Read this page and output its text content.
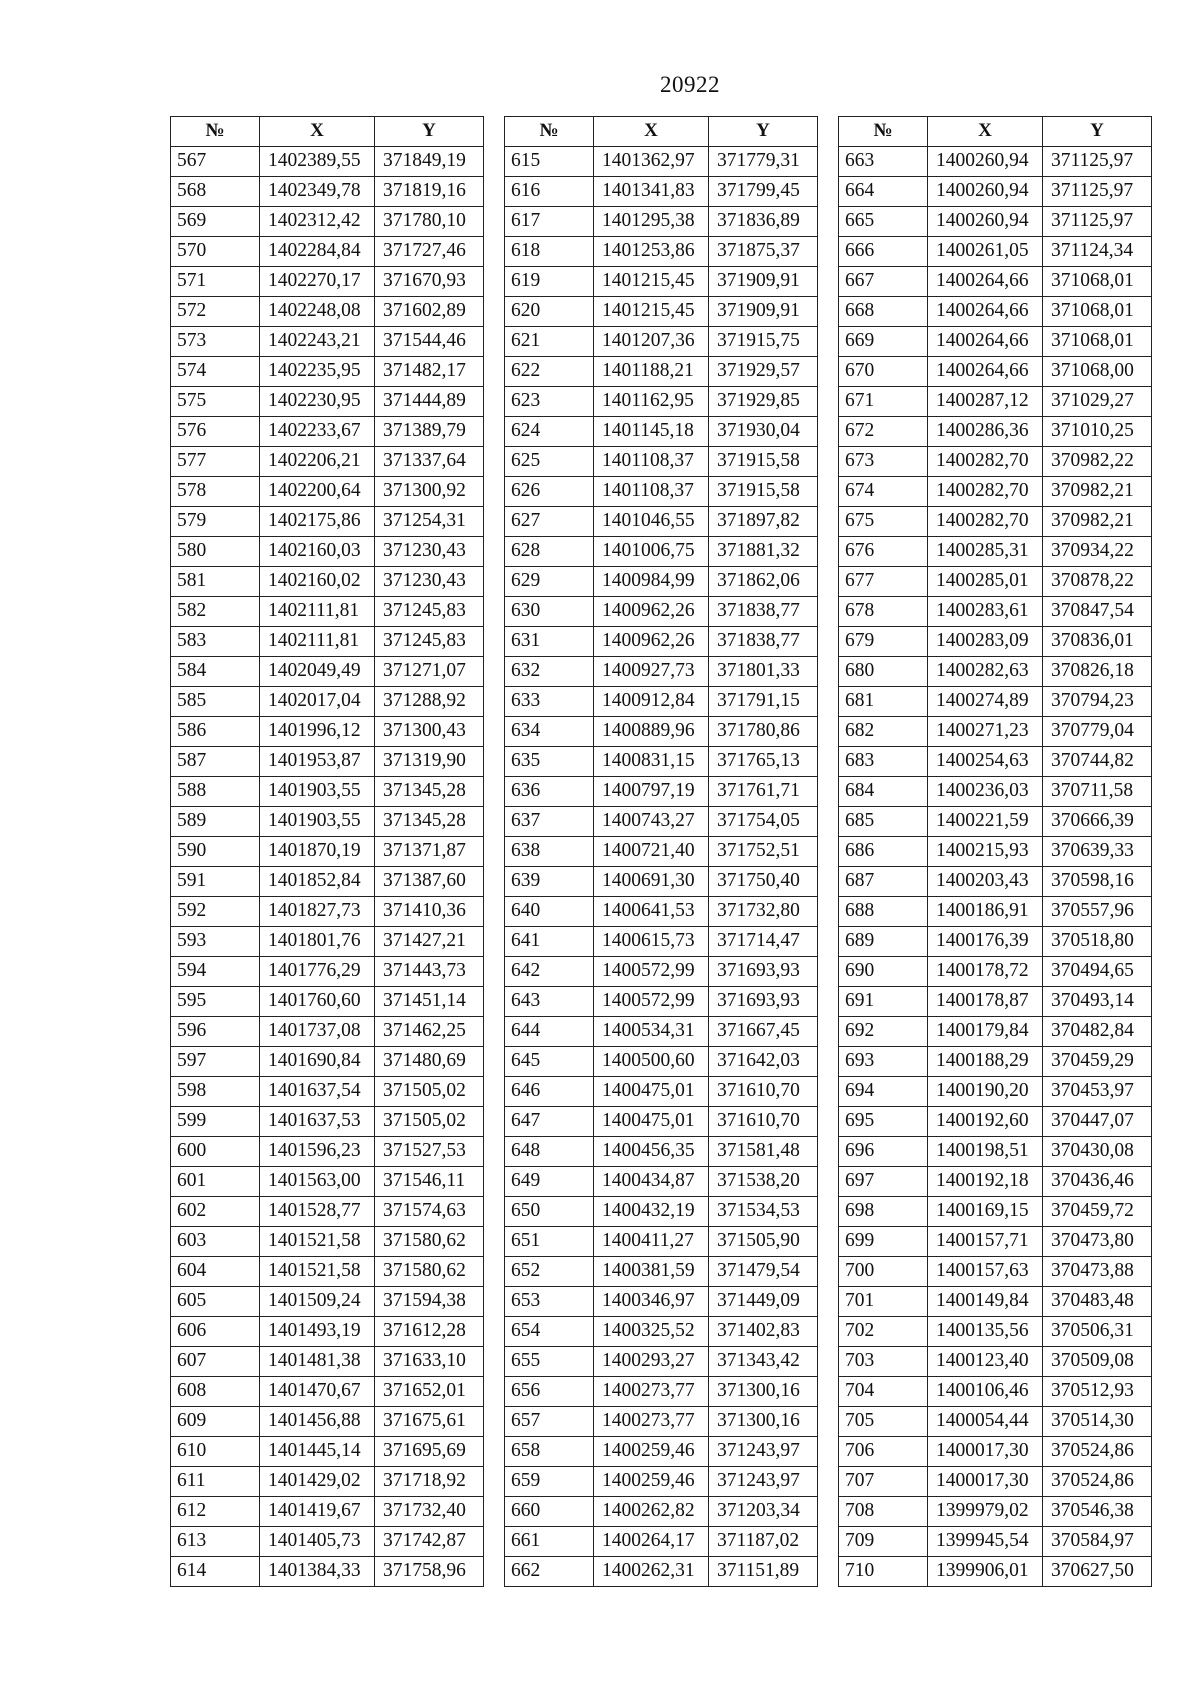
20922
№	X	Y
567	1402389,55	371849,19
568	1402349,78	371819,16
569	1402312,42	371780,10
570	1402284,84	371727,46
571	1402270,17	371670,93
572	1402248,08	371602,89
573	1402243,21	371544,46
574	1402235,95	371482,17
575	1402230,95	371444,89
576	1402233,67	371389,79
577	1402206,21	371337,64
578	1402200,64	371300,92
579	1402175,86	371254,31
580	1402160,03	371230,43
581	1402160,02	371230,43
582	1402111,81	371245,83
583	1402111,81	371245,83
584	1402049,49	371271,07
585	1402017,04	371288,92
586	1401996,12	371300,43
587	1401953,87	371319,90
588	1401903,55	371345,28
589	1401903,55	371345,28
590	1401870,19	371371,87
591	1401852,84	371387,60
592	1401827,73	371410,36
593	1401801,76	371427,21
594	1401776,29	371443,73
595	1401760,60	371451,14
596	1401737,08	371462,25
597	1401690,84	371480,69
598	1401637,54	371505,02
599	1401637,53	371505,02
600	1401596,23	371527,53
601	1401563,00	371546,11
602	1401528,77	371574,63
603	1401521,58	371580,62
604	1401521,58	371580,62
605	1401509,24	371594,38
606	1401493,19	371612,28
607	1401481,38	371633,10
608	1401470,67	371652,01
609	1401456,88	371675,61
610	1401445,14	371695,69
611	1401429,02	371718,92
612	1401419,67	371732,40
613	1401405,73	371742,87
614	1401384,33	371758,96
№	X	Y
615	1401362,97	371779,31
616	1401341,83	371799,45
617	1401295,38	371836,89
618	1401253,86	371875,37
619	1401215,45	371909,91
620	1401215,45	371909,91
621	1401207,36	371915,75
622	1401188,21	371929,57
623	1401162,95	371929,85
624	1401145,18	371930,04
625	1401108,37	371915,58
626	1401108,37	371915,58
627	1401046,55	371897,82
628	1401006,75	371881,32
629	1400984,99	371862,06
630	1400962,26	371838,77
631	1400962,26	371838,77
632	1400927,73	371801,33
633	1400912,84	371791,15
634	1400889,96	371780,86
635	1400831,15	371765,13
636	1400797,19	371761,71
637	1400743,27	371754,05
638	1400721,40	371752,51
639	1400691,30	371750,40
640	1400641,53	371732,80
641	1400615,73	371714,47
642	1400572,99	371693,93
643	1400572,99	371693,93
644	1400534,31	371667,45
645	1400500,60	371642,03
646	1400475,01	371610,70
647	1400475,01	371610,70
648	1400456,35	371581,48
649	1400434,87	371538,20
650	1400432,19	371534,53
651	1400411,27	371505,90
652	1400381,59	371479,54
653	1400346,97	371449,09
654	1400325,52	371402,83
655	1400293,27	371343,42
656	1400273,77	371300,16
657	1400273,77	371300,16
658	1400259,46	371243,97
659	1400259,46	371243,97
660	1400262,82	371203,34
661	1400264,17	371187,02
662	1400262,31	371151,89
№	X	Y
663	1400260,94	371125,97
664	1400260,94	371125,97
665	1400260,94	371125,97
666	1400261,05	371124,34
667	1400264,66	371068,01
668	1400264,66	371068,01
669	1400264,66	371068,01
670	1400264,66	371068,00
671	1400287,12	371029,27
672	1400286,36	371010,25
673	1400282,70	370982,22
674	1400282,70	370982,21
675	1400282,70	370982,21
676	1400285,31	370934,22
677	1400285,01	370878,22
678	1400283,61	370847,54
679	1400283,09	370836,01
680	1400282,63	370826,18
681	1400274,89	370794,23
682	1400271,23	370779,04
683	1400254,63	370744,82
684	1400236,03	370711,58
685	1400221,59	370666,39
686	1400215,93	370639,33
687	1400203,43	370598,16
688	1400186,91	370557,96
689	1400176,39	370518,80
690	1400178,72	370494,65
691	1400178,87	370493,14
692	1400179,84	370482,84
693	1400188,29	370459,29
694	1400190,20	370453,97
695	1400192,60	370447,07
696	1400198,51	370430,08
697	1400192,18	370436,46
698	1400169,15	370459,72
699	1400157,71	370473,80
700	1400157,63	370473,88
701	1400149,84	370483,48
702	1400135,56	370506,31
703	1400123,40	370509,08
704	1400106,46	370512,93
705	1400054,44	370514,30
706	1400017,30	370524,86
707	1400017,30	370524,86
708	1399979,02	370546,38
709	1399945,54	370584,97
710	1399906,01	370627,50
